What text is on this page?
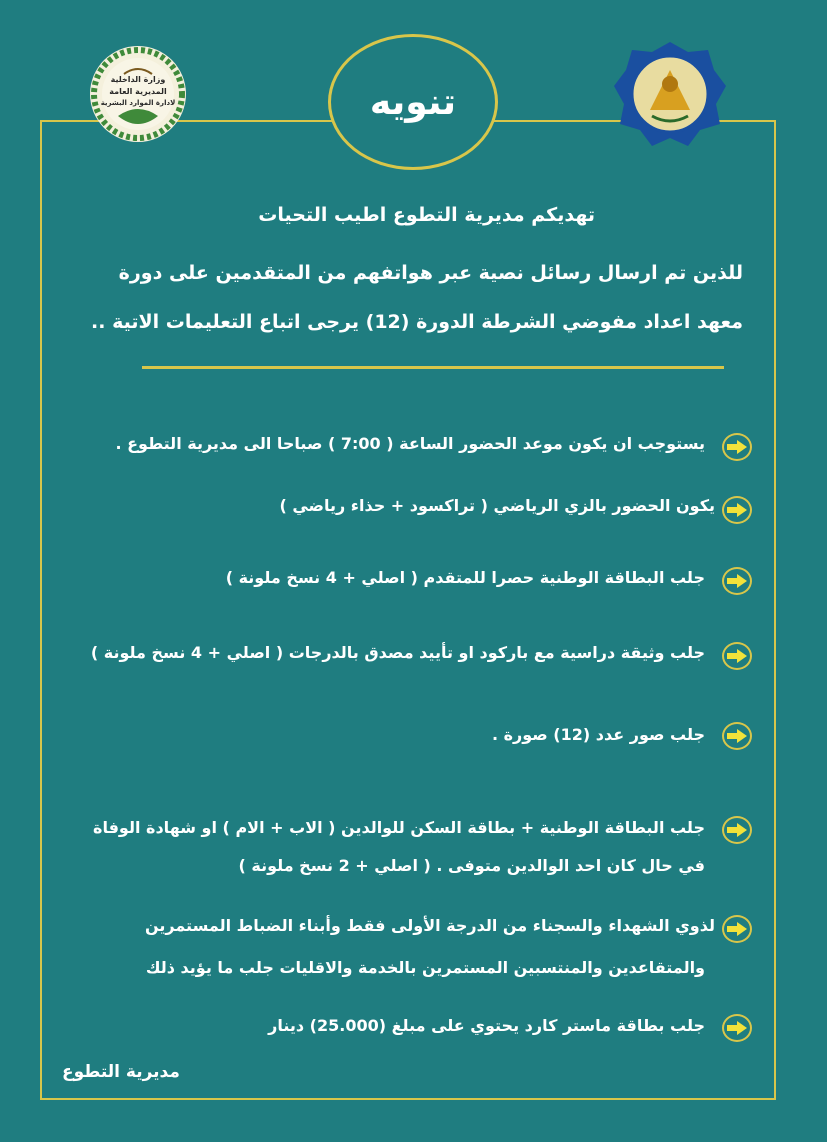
وزارة الداخلية
المديرية العامة
لادارة الموارد البشرية	تنويه
تهديكم مديرية التطوع اطيب التحيات
للذين تم ارسال رسائل نصية عبر هواتفهم من المتقدمين على دورة
معهد اعداد مفوضي الشرطة الدورة (12) يرجى اتباع التعليمات الاتية ..
يستوجب ان يكون موعد الحضور الساعة ( 7:00 ) صباحا الى مديرية التطوع .
يكون الحضور بالزي الرياضي ( تراكسود + حذاء رياضي )
جلب البطاقة الوطنية حصرا للمتقدم ( اصلي + 4 نسخ ملونة )
جلب وثيقة دراسية مع باركود او تأييد مصدق بالدرجات ( اصلي + 4 نسخ ملونة )
جلب صور عدد (12) صورة .
جلب البطاقة الوطنية + بطاقة السكن للوالدين ( الاب + الام ) او شهادة الوفاة
في حال كان احد الوالدين متوفى . ( اصلي + 2 نسخ ملونة )
لذوي الشهداء والسجناء من الدرجة الأولى فقط وأبناء الضباط المستمرين
والمتقاعدين والمنتسبين المستمرين بالخدمة والاقليات جلب ما يؤيد ذلك
جلب بطاقة ماستر كارد يحتوي على مبلغ (25.000) دينار
مديرية التطوع
